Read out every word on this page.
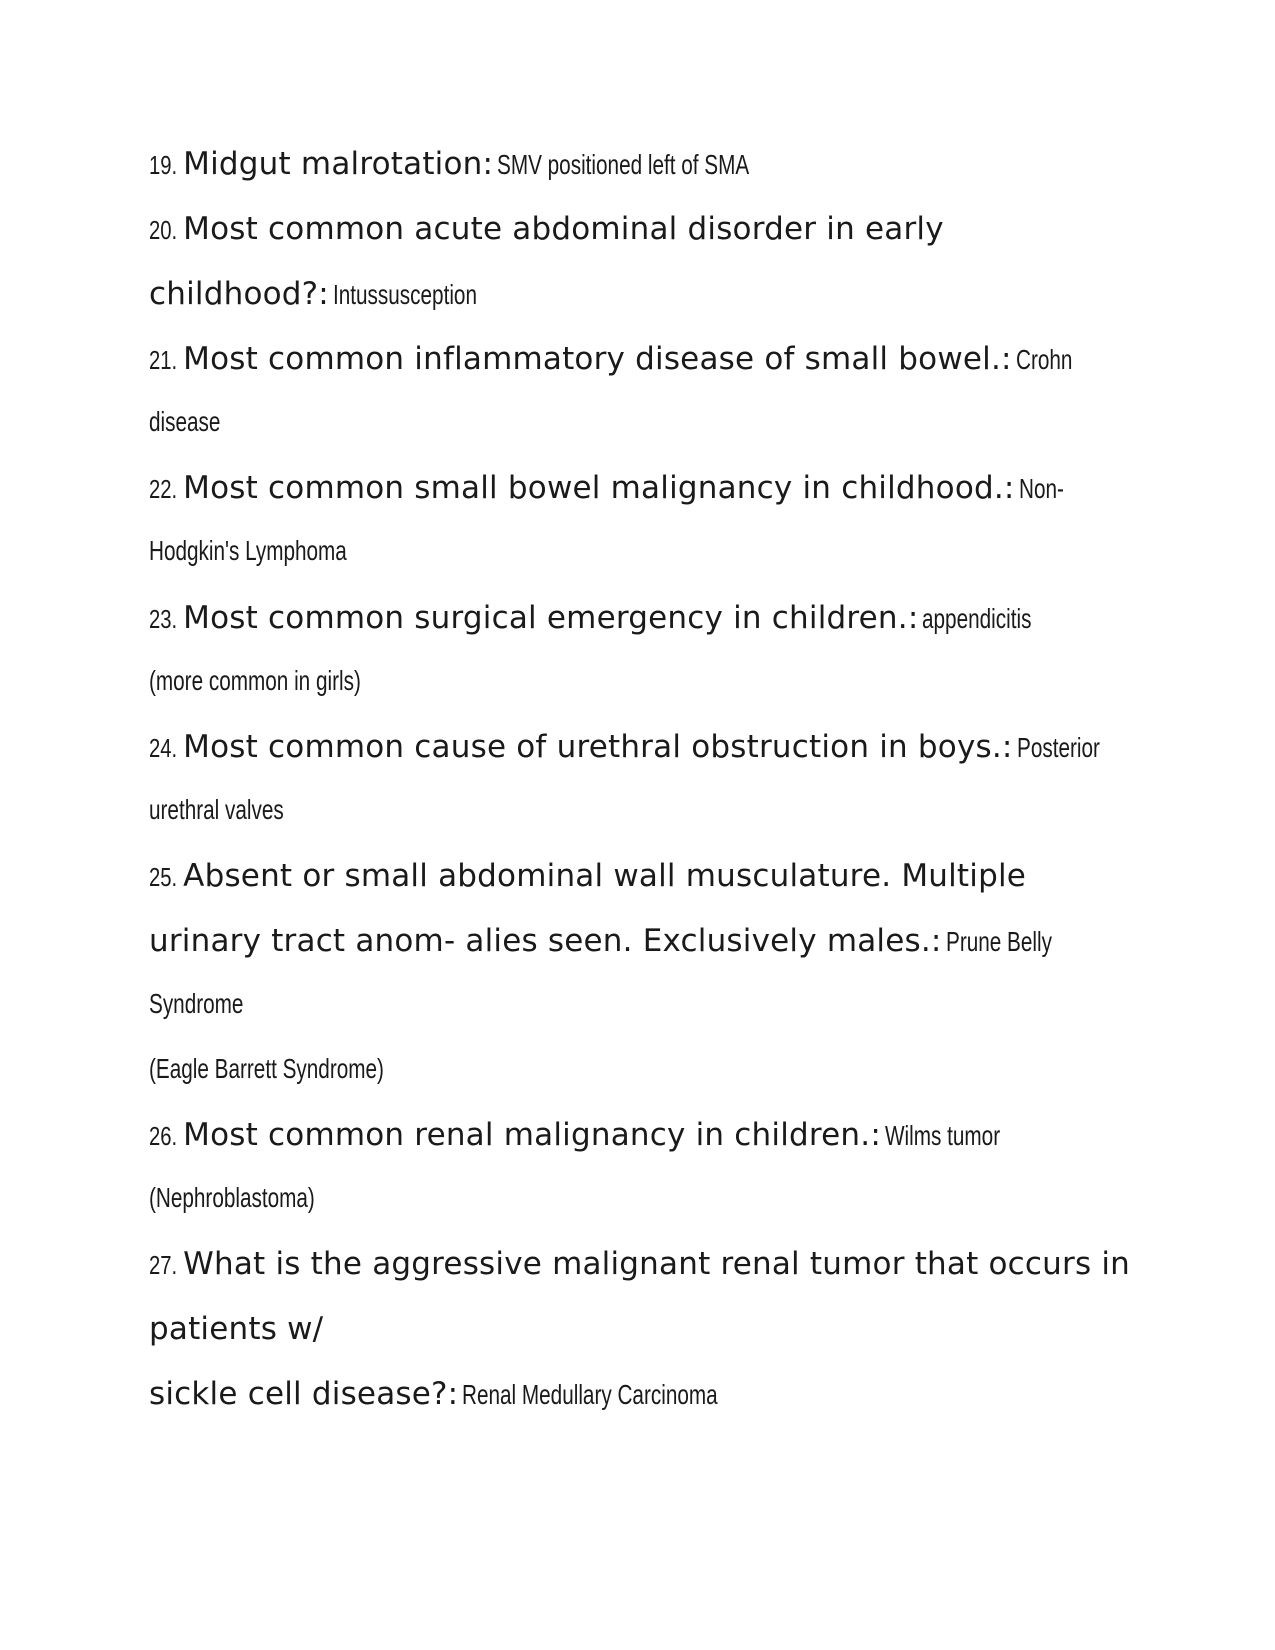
19. Midgut malrotation: SMV positioned left of SMA
20. Most common acute abdominal disorder in early
childhood?: Intussusception
21. Most common inflammatory disease of small bowel.: Crohn
disease
22. Most common small bowel malignancy in childhood.: Non-
Hodgkin's Lymphoma
23. Most common surgical emergency in children.: appendicitis
(more common in girls)
24. Most common cause of urethral obstruction in boys.: Posterior
urethral valves
25. Absent or small abdominal wall musculature. Multiple
urinary tract anom- alies seen. Exclusively males.: Prune Belly
Syndrome
(Eagle Barrett Syndrome)
26. Most common renal malignancy in children.: Wilms tumor
(Nephroblastoma)
27. What is the aggressive malignant renal tumor that occurs in
patients w/
sickle cell disease?: Renal Medullary Carcinoma
